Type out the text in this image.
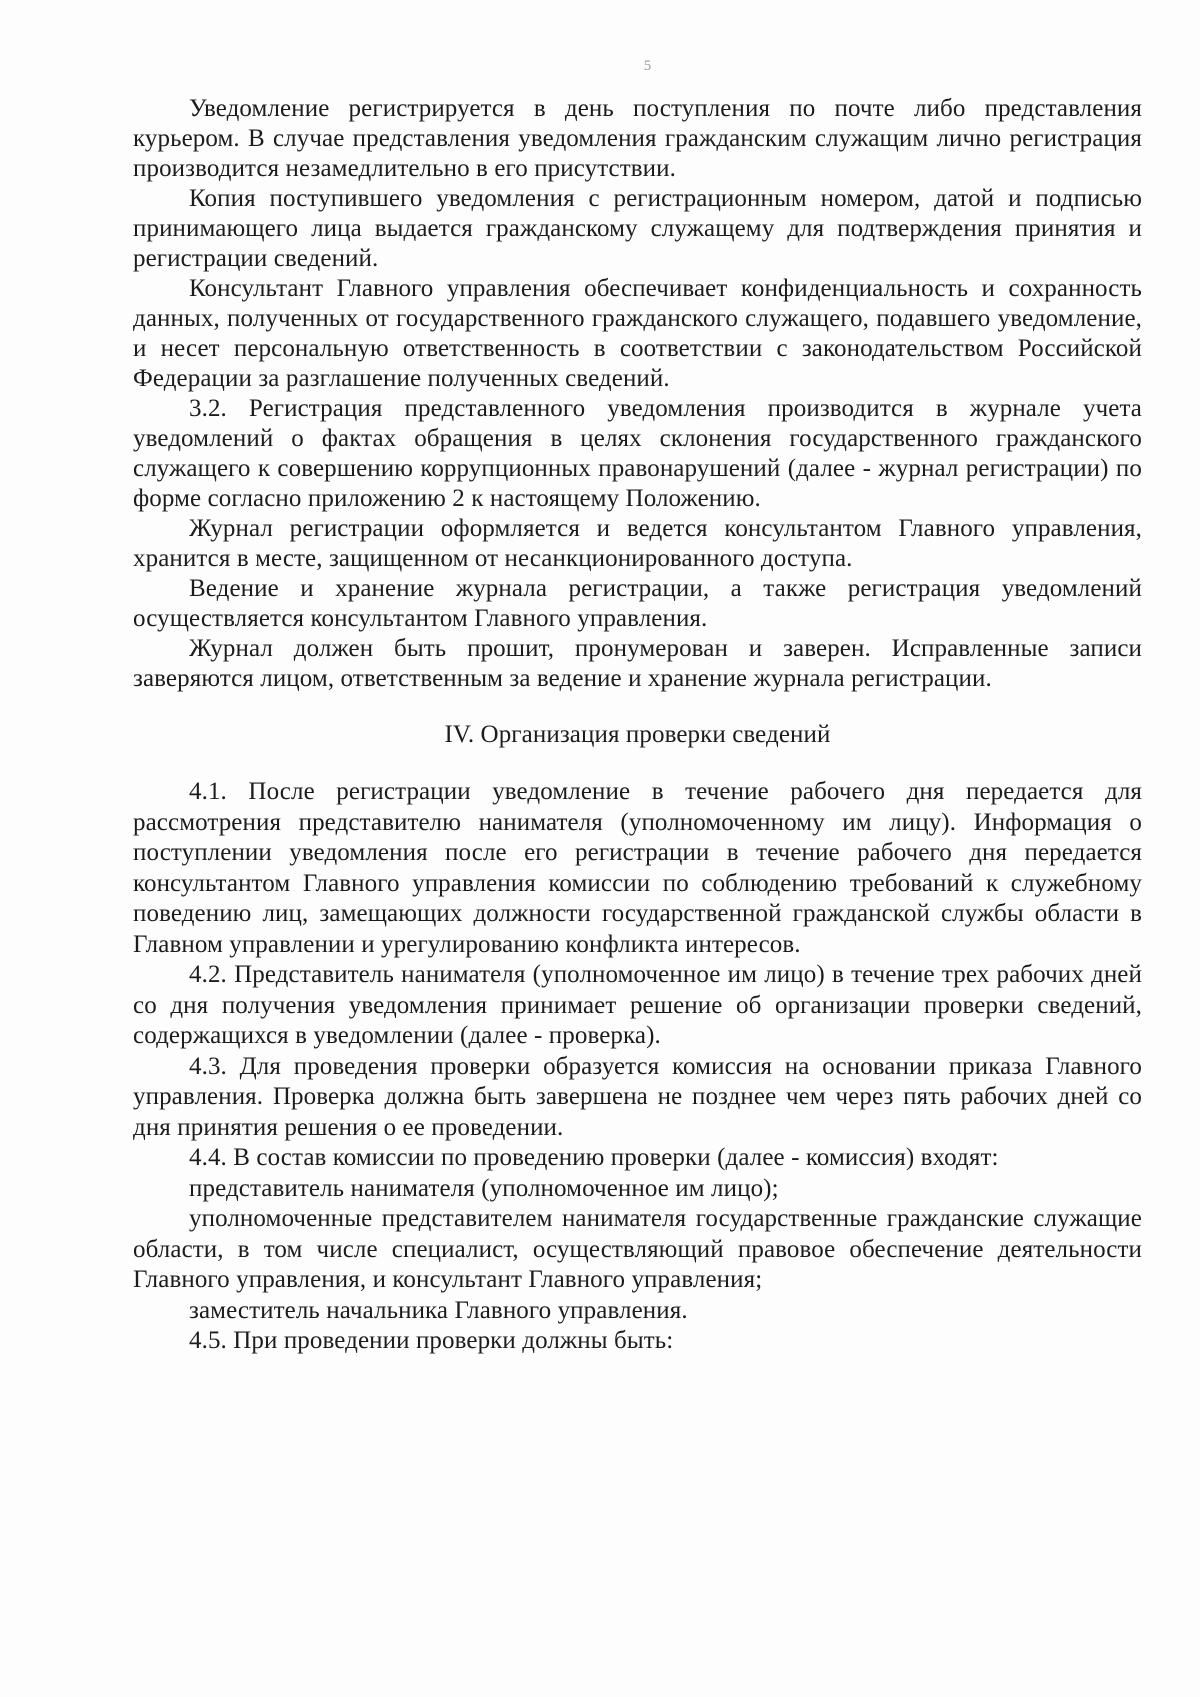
5

Уведомление регистрируется в день поступления по почте либо представления курьером. В случае представления уведомления гражданским служащим лично регистрация производится незамедлительно в его присутствии.

Копия поступившего уведомления с регистрационным номером, датой и подписью принимающего лица выдается гражданскому служащему для подтверждения принятия и регистрации сведений.

Консультант Главного управления обеспечивает конфиденциальность и сохранность данных, полученных от государственного гражданского служащего, подавшего уведомление, и несет персональную ответственность в соответствии с законодательством Российской Федерации за разглашение полученных сведений.

3.2. Регистрация представленного уведомления производится в журнале учета уведомлений о фактах обращения в целях склонения государственного гражданского служащего к совершению коррупционных правонарушений (далее - журнал регистрации) по форме согласно приложению 2 к настоящему Положению.

Журнал регистрации оформляется и ведется консультантом Главного управления, хранится в месте, защищенном от несанкционированного доступа.

Ведение и хранение журнала регистрации, а также регистрация уведомлений осуществляется консультантом Главного управления.

Журнал должен быть прошит, пронумерован и заверен. Исправленные записи заверяются лицом, ответственным за ведение и хранение журнала регистрации.

IV. Организация проверки сведений

4.1. После регистрации уведомление в течение рабочего дня передается для рассмотрения представителю нанимателя (уполномоченному им лицу). Информация о поступлении уведомления после его регистрации в течение рабочего дня передается консультантом Главного управления комиссии по соблюдению требований к служебному поведению лиц, замещающих должности государственной гражданской службы области в Главном управлении и урегулированию конфликта интересов.

4.2. Представитель нанимателя (уполномоченное им лицо) в течение трех рабочих дней со дня получения уведомления принимает решение об организации проверки сведений, содержащихся в уведомлении (далее - проверка).

4.3. Для проведения проверки образуется комиссия на основании приказа Главного управления. Проверка должна быть завершена не позднее чем через пять рабочих дней со дня принятия решения о ее проведении.

4.4. В состав комиссии по проведению проверки (далее - комиссия) входят:

представитель нанимателя (уполномоченное им лицо);

уполномоченные представителем нанимателя государственные гражданские служащие области, в том числе специалист, осуществляющий правовое обеспечение деятельности Главного управления, и консультант Главного управления;

заместитель начальника Главного управления.

4.5. При проведении проверки должны быть:
